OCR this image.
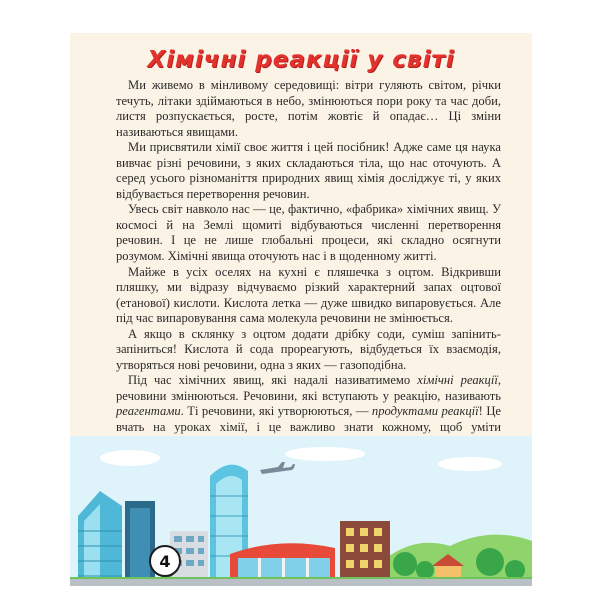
Хімічні реакції у світі

Ми живемо в мінливому середовищі: вітри гуляють світом, річки течуть, літаки здіймаються в небо, змінюються пори року та час доби, листя розпускається, росте, потім жовтіє й опадає… Ці зміни називаються явищами.

Ми присвятили хімії своє життя і цей посібник! Адже саме ця наука вивчає різні речовини, з яких складаються тіла, що нас оточують. А серед усього різноманіття природних явищ хімія досліджує ті, у яких відбувається перетворення речовин.

Увесь світ навколо нас — це, фактично, «фабрика» хімічних явищ. У космосі й на Землі щомиті відбуваються численні перетворення речовин. І це не лише глобальні процеси, які складно осягнути розумом. Хімічні явища оточують нас і в щоденному житті.

Майже в усіх оселях на кухні є пляшечка з оцтом. Відкривши пляшку, ми відразу відчуваємо різкий характерний запах оцтової (етанової) кислоти. Кислота летка — дуже швидко випаровується. Але під час випаровування сама молекула речовини не змінюється.

А якщо в склянку з оцтом додати дрібку соди, суміш запінить-запіниться! Кислота й сода прореагують, відбудеться їх взаємодія, утворяться нові речовини, одна з яких — газоподібна.

Під час хімічних явищ, які надалі називатимемо хімічні реакції, речовини змінюються. Речовини, які вступають у реакцію, називають реагентами. Ті речовини, які утворюються, — продуктами реакції! Це вчать на уроках хімії, і це важливо знати кожному, щоб уміти

4
